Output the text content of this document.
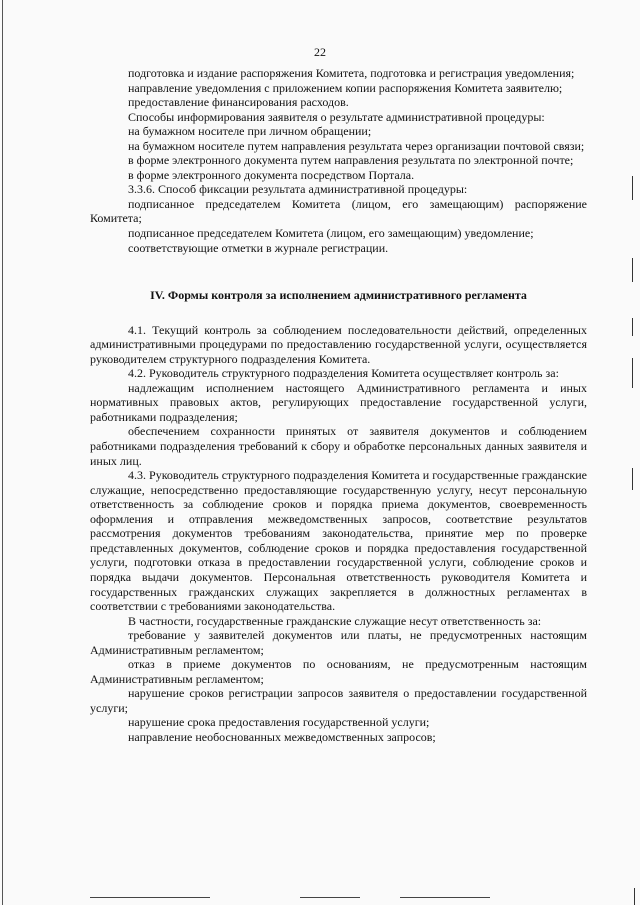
22

подготовка и издание распоряжения Комитета, подготовка и регистрация уведомления;

направление уведомления с приложением копии распоряжения Комитета заявителю;

предоставление финансирования расходов.

Способы информирования заявителя о результате административной процедуры:

на бумажном носителе при личном обращении;

на бумажном носителе путем направления результата через организации почтовой связи;

в форме электронного документа путем направления результата по электронной почте;

в форме электронного документа посредством Портала.

3.3.6. Способ фиксации результата административной процедуры:

подписанное председателем Комитета (лицом, его замещающим) распоряжение Комитета;

подписанное председателем Комитета (лицом, его замещающим) уведомление;

соответствующие отметки в журнале регистрации.

IV. Формы контроля за исполнением административного регламента

4.1. Текущий контроль за соблюдением последовательности действий, определенных административными процедурами по предоставлению государственной услуги, осуществляется руководителем структурного подразделения Комитета.

4.2. Руководитель структурного подразделения Комитета осуществляет контроль за:

надлежащим исполнением настоящего Административного регламента и иных нормативных правовых актов, регулирующих предоставление государственной услуги, работниками подразделения;

обеспечением сохранности принятых от заявителя документов и соблюдением работниками подразделения требований к сбору и обработке персональных данных заявителя и иных лиц.

4.3. Руководитель структурного подразделения Комитета и государственные гражданские служащие, непосредственно предоставляющие государственную услугу, несут персональную ответственность за соблюдение сроков и порядка приема документов, своевременность оформления и отправления межведомственных запросов, соответствие результатов рассмотрения документов требованиям законодательства, принятие мер по проверке представленных документов, соблюдение сроков и порядка предоставления государственной услуги, подготовки отказа в предоставлении государственной услуги, соблюдение сроков и порядка выдачи документов. Персональная ответственность руководителя Комитета и государственных гражданских служащих закрепляется в должностных регламентах в соответствии с требованиями законодательства.

В частности, государственные гражданские служащие несут ответственность за:

требование у заявителей документов или платы, не предусмотренных настоящим Административным регламентом;

отказ в приеме документов по основаниям, не предусмотренным настоящим Административным регламентом;

нарушение сроков регистрации запросов заявителя о предоставлении государственной услуги;

нарушение срока предоставления государственной услуги;

направление необоснованных межведомственных запросов;
